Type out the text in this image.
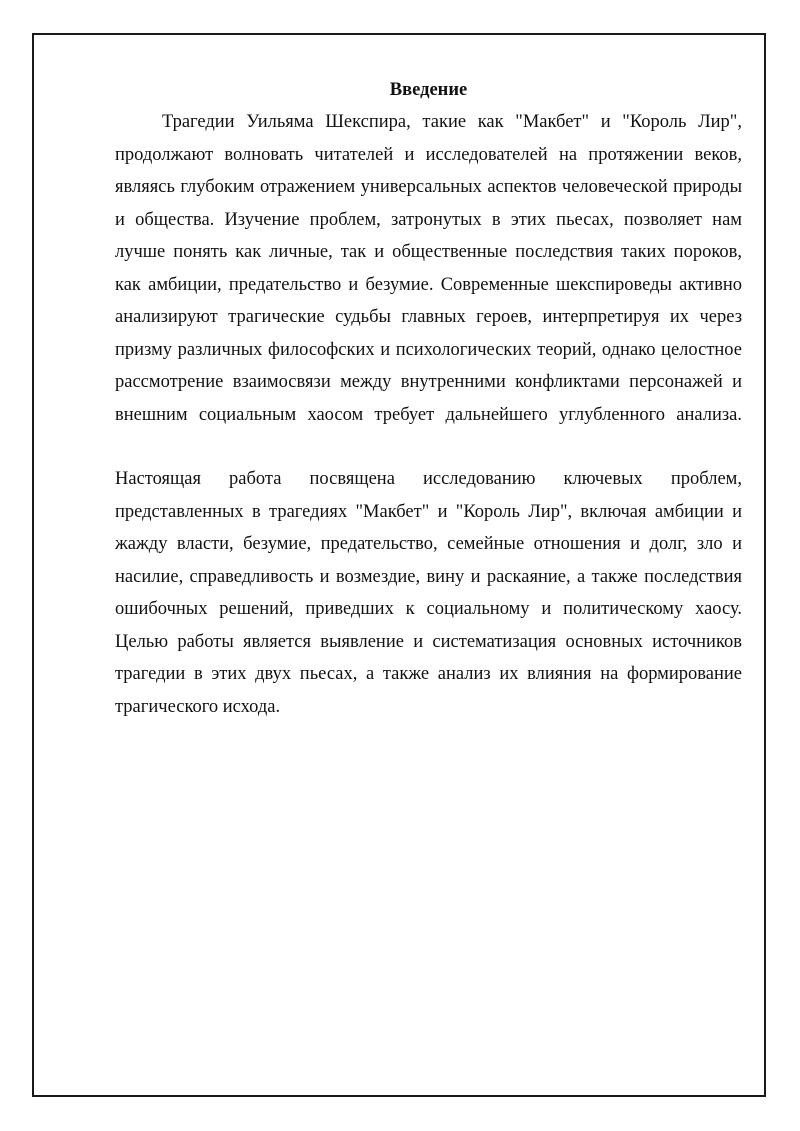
Введение

Трагедии Уильяма Шекспира, такие как "Макбет" и "Король Лир", продолжают волновать читателей и исследователей на протяжении веков, являясь глубоким отражением универсальных аспектов человеческой природы и общества. Изучение проблем, затронутых в этих пьесах, позволяет нам лучше понять как личные, так и общественные последствия таких пороков, как амбиции, предательство и безумие. Современные шекспироведы активно анализируют трагические судьбы главных героев, интерпретируя их через призму различных философских и психологических теорий, однако целостное рассмотрение взаимосвязи между внутренними конфликтами персонажей и внешним социальным хаосом требует дальнейшего углубленного анализа.

Настоящая работа посвящена исследованию ключевых проблем, представленных в трагедиях "Макбет" и "Король Лир", включая амбиции и жажду власти, безумие, предательство, семейные отношения и долг, зло и насилие, справедливость и возмездие, вину и раскаяние, а также последствия ошибочных решений, приведших к социальному и политическому хаосу. Целью работы является выявление и систематизация основных источников трагедии в этих двух пьесах, а также анализ их влияния на формирование трагического исхода.
